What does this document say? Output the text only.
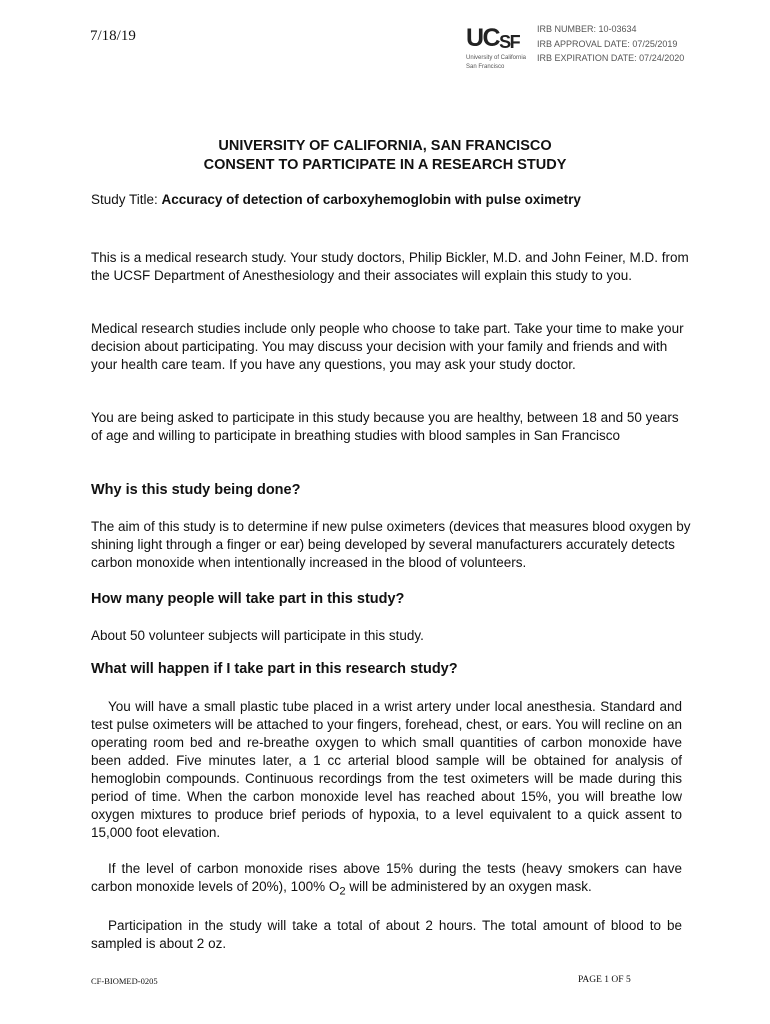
7/18/19	UCSF
University of California
San Francisco
IRB NUMBER: 10-03634
IRB APPROVAL DATE: 07/25/2019
IRB EXPIRATION DATE: 07/24/2020
UNIVERSITY OF CALIFORNIA, SAN FRANCISCO
CONSENT TO PARTICIPATE IN A RESEARCH STUDY
Study Title: Accuracy of detection of carboxyhemoglobin with pulse oximetry
This is a medical research study. Your study doctors, Philip Bickler, M.D. and John Feiner, M.D. from the UCSF Department of Anesthesiology and their associates will explain this study to you.
Medical research studies include only people who choose to take part. Take your time to make your decision about participating. You may discuss your decision with your family and friends and with your health care team. If you have any questions, you may ask your study doctor.
You are being asked to participate in this study because you are healthy, between 18 and 50 years of age and willing to participate in breathing studies with blood samples in San Francisco
Why is this study being done?
The aim of this study is to determine if new pulse oximeters (devices that measures blood oxygen by shining light through a finger or ear) being developed by several manufacturers accurately detects carbon monoxide when intentionally increased in the blood of volunteers.
How many people will take part in this study?
About 50 volunteer subjects will participate in this study.
What will happen if I take part in this research study?
You will have a small plastic tube placed in a wrist artery under local anesthesia. Standard and test pulse oximeters will be attached to your fingers, forehead, chest, or ears. You will recline on an operating room bed and re-breathe oxygen to which small quantities of carbon monoxide have been added. Five minutes later, a 1 cc arterial blood sample will be obtained for analysis of hemoglobin compounds. Continuous recordings from the test oximeters will be made during this period of time. When the carbon monoxide level has reached about 15%, you will breathe low oxygen mixtures to produce brief periods of hypoxia, to a level equivalent to a quick assent to 15,000 foot elevation.
If the level of carbon monoxide rises above 15% during the tests (heavy smokers can have carbon monoxide levels of 20%), 100% $O_2$ will be administered by an oxygen mask.
Participation in the study will take a total of about 2 hours. The total amount of blood to be sampled is about 2 oz.
CF-BIOMED-0205	PAGE 1 OF 5
